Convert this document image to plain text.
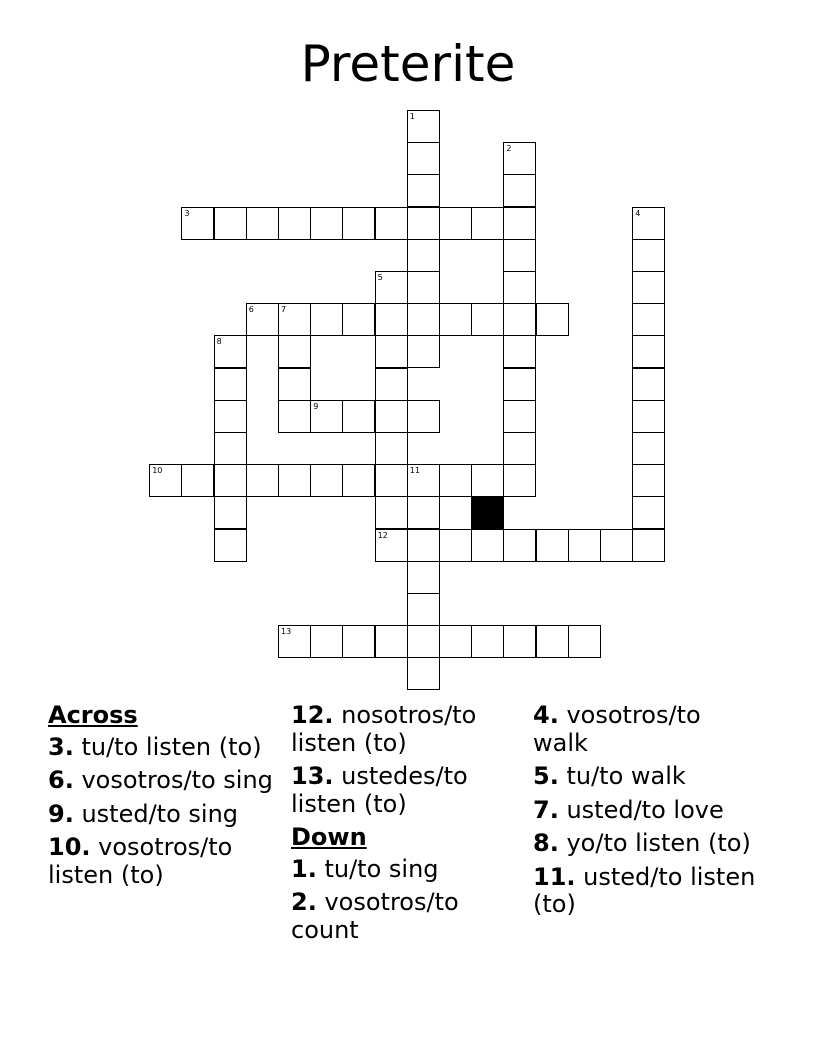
Preterite
1
2
3	4
5
12
6	7
8
9
10	11
13
Across
3. tu/to listen (to)
6. vosotros/to sing
9. usted/to sing
10. vosotros/to listen (to)
12. nosotros/to listen (to)
13. ustedes/to listen (to)
Down
1. tu/to sing
2. vosotros/to count
4. vosotros/to walk
5. tu/to walk
7. usted/to love
8. yo/to listen (to)
11. usted/to listen (to)
